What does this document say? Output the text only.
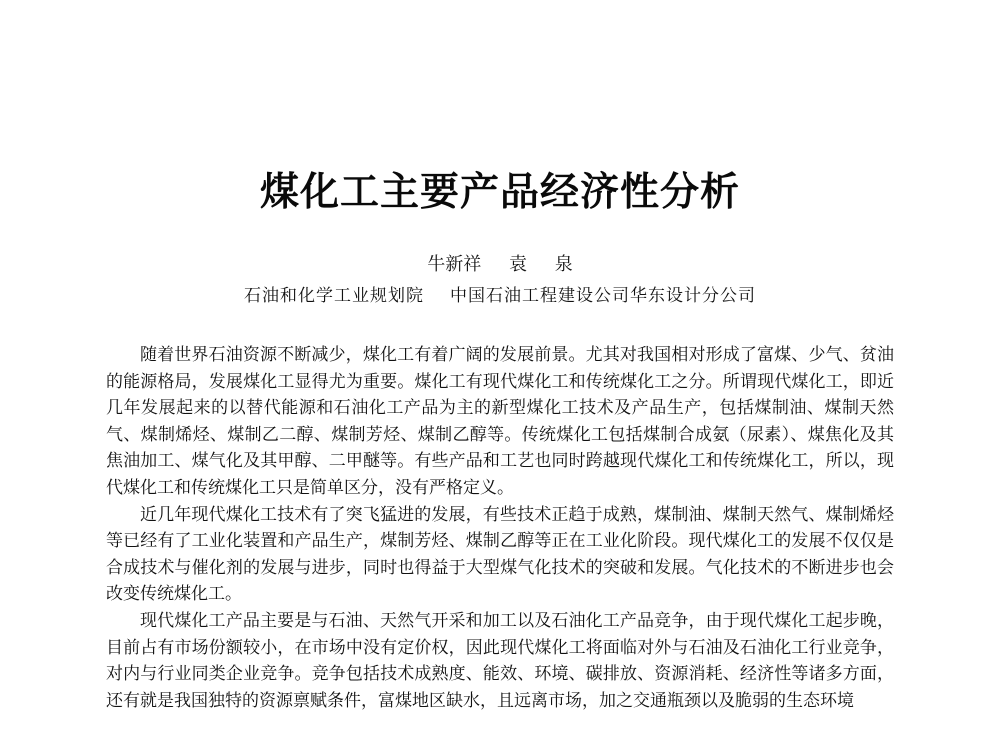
煤化工主要产品经济性分析
牛新祥 袁 泉
石油和化学工业规划院 中国石油工程建设公司华东设计分公司

随着世界石油资源不断减少，煤化工有着广阔的发展前景。尤其对我国相对形成了富煤、少气、贫油的能源格局，发展煤化工显得尤为重要。煤化工有现代煤化工和传统煤化工之分。所谓现代煤化工，即近几年发展起来的以替代能源和石油化工产品为主的新型煤化工技术及产品生产，包括煤制油、煤制天然气、煤制烯烃、煤制乙二醇、煤制芳烃、煤制乙醇等。传统煤化工包括煤制合成氨（尿素）、煤焦化及其焦油加工、煤气化及其甲醇、二甲醚等。有些产品和工艺也同时跨越现代煤化工和传统煤化工，所以，现代煤化工和传统煤化工只是简单区分，没有严格定义。

近几年现代煤化工技术有了突飞猛进的发展，有些技术正趋于成熟，煤制油、煤制天然气、煤制烯烃等已经有了工业化装置和产品生产，煤制芳烃、煤制乙醇等正在工业化阶段。现代煤化工的发展不仅仅是合成技术与催化剂的发展与进步，同时也得益于大型煤气化技术的突破和发展。气化技术的不断进步也会改变传统煤化工。

现代煤化工产品主要是与石油、天然气开采和加工以及石油化工产品竞争，由于现代煤化工起步晚，目前占有市场份额较小，在市场中没有定价权，因此现代煤化工将面临对外与石油及石油化工行业竞争，对内与行业同类企业竞争。竞争包括技术成熟度、能效、环境、碳排放、资源消耗、经济性等诸多方面，还有就是我国独特的资源禀赋条件，富煤地区缺水，且远离市场，加之交通瓶颈以及脆弱的生态环境
